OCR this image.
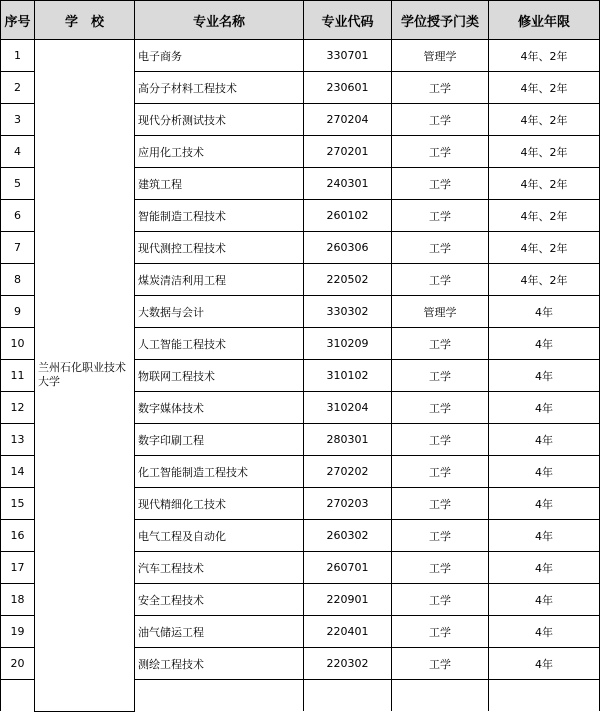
序号	学　校	专业名称	专业代码	学位授予门类	修业年限
1	兰州石化职业技术大学	电子商务	330701	管理学	4年、2年
2		高分子材料工程技术	230601	工学	4年、2年
3		现代分析测试技术	270204	工学	4年、2年
4		应用化工技术	270201	工学	4年、2年
5		建筑工程	240301	工学	4年、2年
6		智能制造工程技术	260102	工学	4年、2年
7		现代测控工程技术	260306	工学	4年、2年
8		煤炭清洁利用工程	220502	工学	4年、2年
9		大数据与会计	330302	管理学	4年
10		人工智能工程技术	310209	工学	4年
11		物联网工程技术	310102	工学	4年
12		数字媒体技术	310204	工学	4年
13		数字印刷工程	280301	工学	4年
14		化工智能制造工程技术	270202	工学	4年
15		现代精细化工技术	270203	工学	4年
16		电气工程及自动化	260302	工学	4年
17		汽车工程技术	260701	工学	4年
18		安全工程技术	220901	工学	4年
19		油气储运工程	220401	工学	4年
20		测绘工程技术	220302	工学	4年
